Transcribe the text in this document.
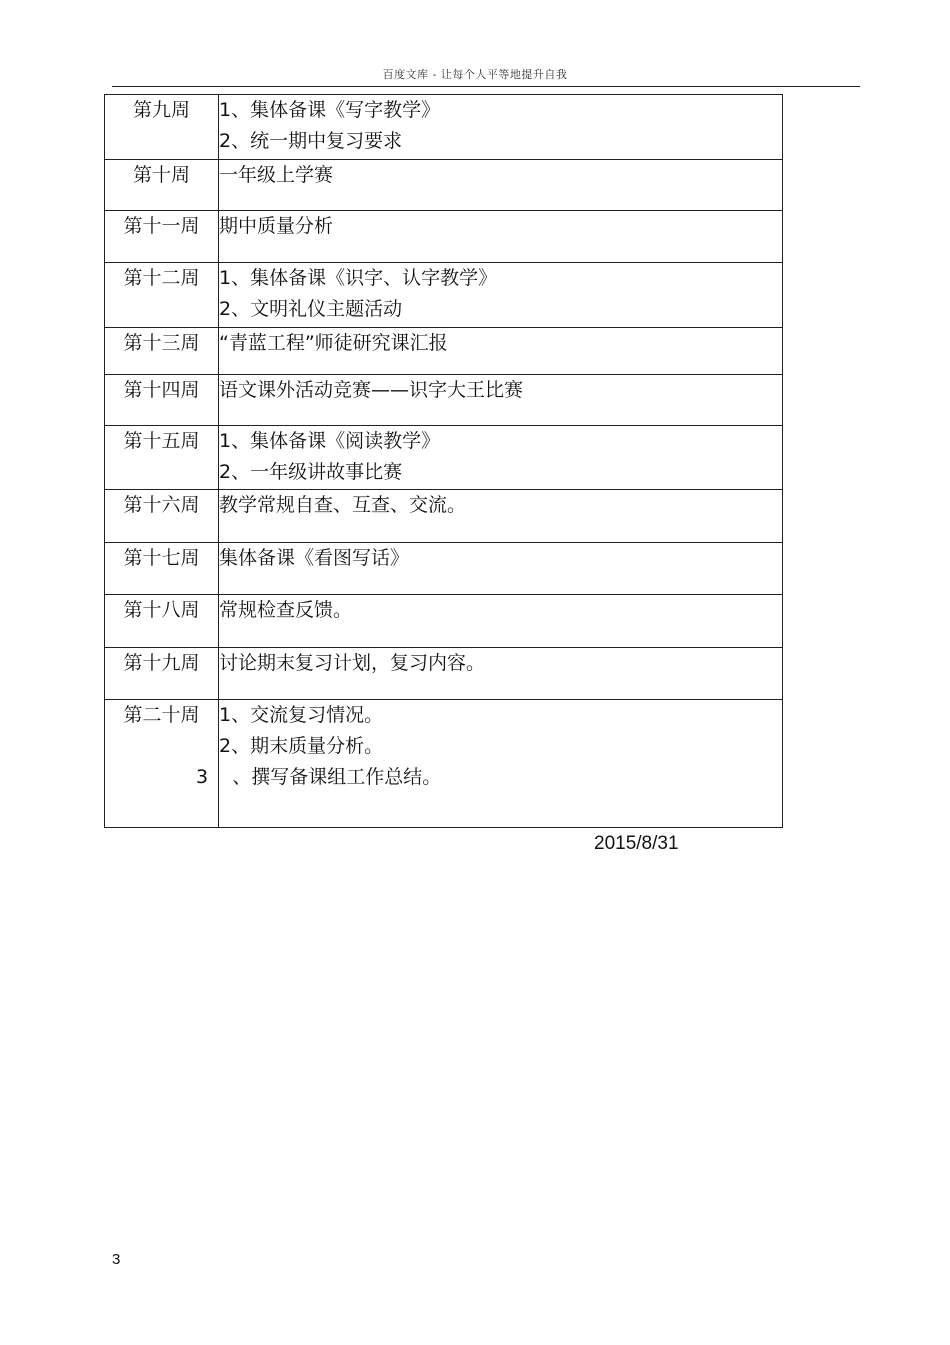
百度文库 - 让每个人平等地提升自我
第九周	1、集体备课《写字教学》
2、统一期中复习要求

第十周	一年级上学赛

第十一周	期中质量分析

第十二周	1、集体备课《识字、认字教学》
2、文明礼仪主题活动

第十三周	“青蓝工程”师徒研究课汇报

第十四周	语文课外活动竞赛——识字大王比赛

第十五周	1、集体备课《阅读教学》
2、一年级讲故事比赛

第十六周	教学常规自查、互查、交流。

第十七周	集体备课《看图写话》

第十八周	常规检查反馈。

第十九周	讨论期末复习计划，复习内容。

第二十周	1、交流复习情况。
2、期末质量分析。
3    、撰写备课组工作总结。
2015/8/31
3
